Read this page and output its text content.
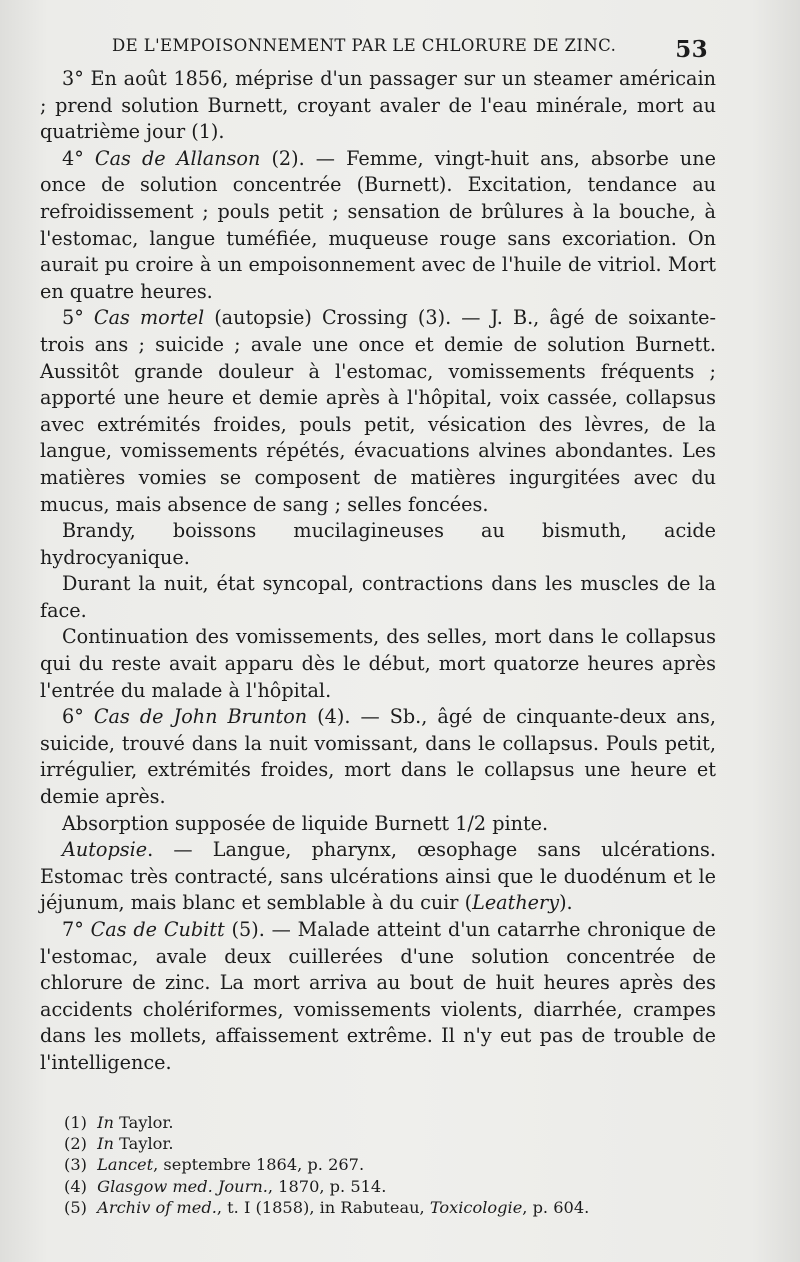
DE L'EMPOISONNEMENT PAR LE CHLORURE DE ZINC.	53

3° En août 1856, méprise d'un passager sur un steamer américain ; prend solution Burnett, croyant avaler de l'eau minérale, mort au quatrième jour (1).

4° Cas de Allanson (2). — Femme, vingt-huit ans, absorbe une once de solution concentrée (Burnett). Excitation, tendance au refroidissement ; pouls petit ; sensation de brûlures à la bouche, à l'estomac, langue tuméfiée, muqueuse rouge sans excoriation. On aurait pu croire à un empoisonnement avec de l'huile de vitriol. Mort en quatre heures.

5° Cas mortel (autopsie) Crossing (3). — J. B., âgé de soixante-trois ans ; suicide ; avale une once et demie de solution Burnett. Aussitôt grande douleur à l'estomac, vomissements fréquents ; apporté une heure et demie après à l'hôpital, voix cassée, collapsus avec extrémités froides, pouls petit, vésication des lèvres, de la langue, vomissements répétés, évacuations alvines abondantes. Les matières vomies se composent de matières ingurgitées avec du mucus, mais absence de sang ; selles foncées.

Brandy, boissons mucilagineuses au bismuth, acide hydrocyanique.

Durant la nuit, état syncopal, contractions dans les muscles de la face.

Continuation des vomissements, des selles, mort dans le collapsus qui du reste avait apparu dès le début, mort quatorze heures après l'entrée du malade à l'hôpital.

6° Cas de John Brunton (4). — Sb., âgé de cinquante-deux ans, suicide, trouvé dans la nuit vomissant, dans le collapsus. Pouls petit, irrégulier, extrémités froides, mort dans le collapsus une heure et demie après.

Absorption supposée de liquide Burnett 1/2 pinte.

Autopsie. — Langue, pharynx, œsophage sans ulcérations. Estomac très contracté, sans ulcérations ainsi que le duodénum et le jéjunum, mais blanc et semblable à du cuir (Leathery).

7° Cas de Cubitt (5). — Malade atteint d'un catarrhe chronique de l'estomac, avale deux cuillerées d'une solution concentrée de chlorure de zinc. La mort arriva au bout de huit heures après des accidents cholériformes, vomissements violents, diarrhée, crampes dans les mollets, affaissement extrême. Il n'y eut pas de trouble de l'intelligence.

(1) In Taylor.
(2) In Taylor.
(3) Lancet, septembre 1864, p. 267.
(4) Glasgow med. Journ., 1870, p. 514.
(5) Archiv of med., t. I (1858), in Rabuteau, Toxicologie, p. 604.
